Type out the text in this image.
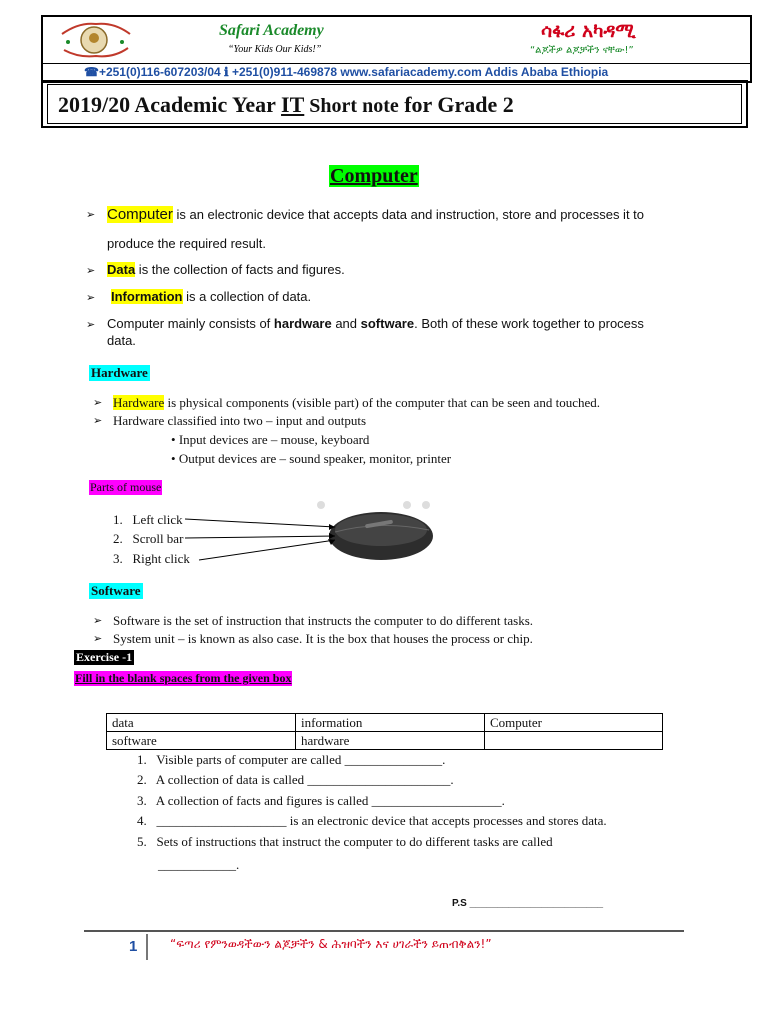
Safari Academy
“Your Kids Our Kids!”
ሳፋሪ አካዳሚ
“ልጆችዎ ልጆቻችን ናቸው!”
☎+251(0)116-607203/04 ℹ +251(0)911-469878 www.safariacademy.com Addis Ababa Ethiopia
2019/20 Academic Year IT Short note for Grade 2
Computer
➢ Computer is an electronic device that accepts data and instruction, store and processes it to
produce the required result.
➢ Data is the collection of facts and figures.
➢ Information is a collection of data.
➢ Computer mainly consists of hardware and software. Both of these work together to process
data.
Hardware
➢ Hardware is physical components (visible part) of the computer that can be seen and touched.
➢ Hardware classified into two – input and outputs
• Input devices are – mouse, keyboard
• Output devices are – sound speaker, monitor, printer
Parts of mouse
1.   Left click
2.   Scroll bar
3.   Right click
Software
➢ Software is the set of instruction that instructs the computer to do different tasks.
➢ System unit – is known as also case. It is the box that houses the process or chip.
Exercise -1
Fill in the blank spaces from the given box
data	information	Computer
software	hardware	
1.   Visible parts of computer are called _______________.
2.   A collection of data is called ______________________.
3.   A collection of facts and figures is called ____________________.
4.   ____________________ is an electronic device that accepts processes and stores data.
5.   Sets of instructions that instruct the computer to do different tasks are called
____________.
P.S ________________________
1	“ፍጣሪ የምንወዳችውን ልጆቻችን & ሕዝባችን እና ሀገራችን ይጠብቅልን!”
